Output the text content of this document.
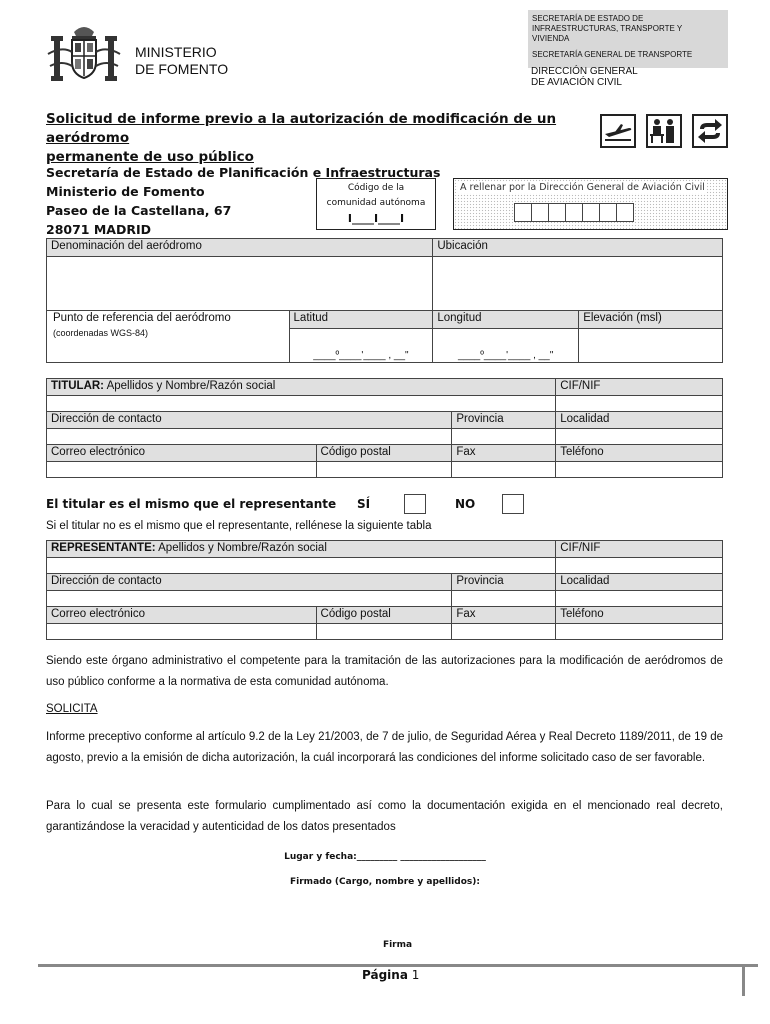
MINISTERIO
DE FOMENTO
SECRETARÍA DE ESTADO DE
INFRAESTRUCTURAS, TRANSPORTE Y
VIVIENDA
SECRETARÍA GENERAL DE TRANSPORTE
DIRECCIÓN GENERAL
DE AVIACIÓN CIVIL
Solicitud de informe previo a la autorización de modificación de un aeródromo
permanente de uso público
Secretaría de Estado de Planificación e Infraestructuras
Ministerio de Fomento
Paseo de la Castellana, 67
28071 MADRID
Código de la
comunidad autónoma
I____I____I
A rellenar por la Dirección General de Aviación Civil
Denominación del aeródromo		Ubicación	

Punto de referencia del aeródromo
(coordenadas WGS-84)	Latitud	Longitud	Elevación (msl)
	____º____'____ , __"	____º____'____ , __''	
TITULAR: Apellidos y Nombre/Razón social			CIF/NIF

Dirección de contacto		Provincia	Localidad

Correo electrónico	Código postal	Fax	Teléfono

El titular es el mismo que el representante SÍ	NO
Si el titular no es el mismo que el representante, rellénese la siguiente tabla
REPRESENTANTE: Apellidos y Nombre/Razón social			CIF/NIF

Dirección de contacto		Provincia	Localidad

Correo electrónico	Código postal	Fax	Teléfono

Siendo este órgano administrativo el competente para la tramitación de las autorizaciones para la modificación de aeródromos de uso público conforme a la normativa de esta comunidad autónoma.
SOLICITA
Informe preceptivo conforme al artículo 9.2 de la Ley 21/2003, de 7 de julio, de Seguridad Aérea y Real Decreto 1189/2011, de 19 de agosto, previo a la emisión de dicha autorización, la cuál incorporará las condiciones del informe solicitado caso de ser favorable.
Para lo cual se presenta este formulario cumplimentado así como la documentación exigida en el mencionado real decreto, garantizándose la veracidad y autenticidad de los datos presentados
Lugar y fecha:_________ ___________________
Firmado (Cargo, nombre y apellidos):
Firma
Página 1
